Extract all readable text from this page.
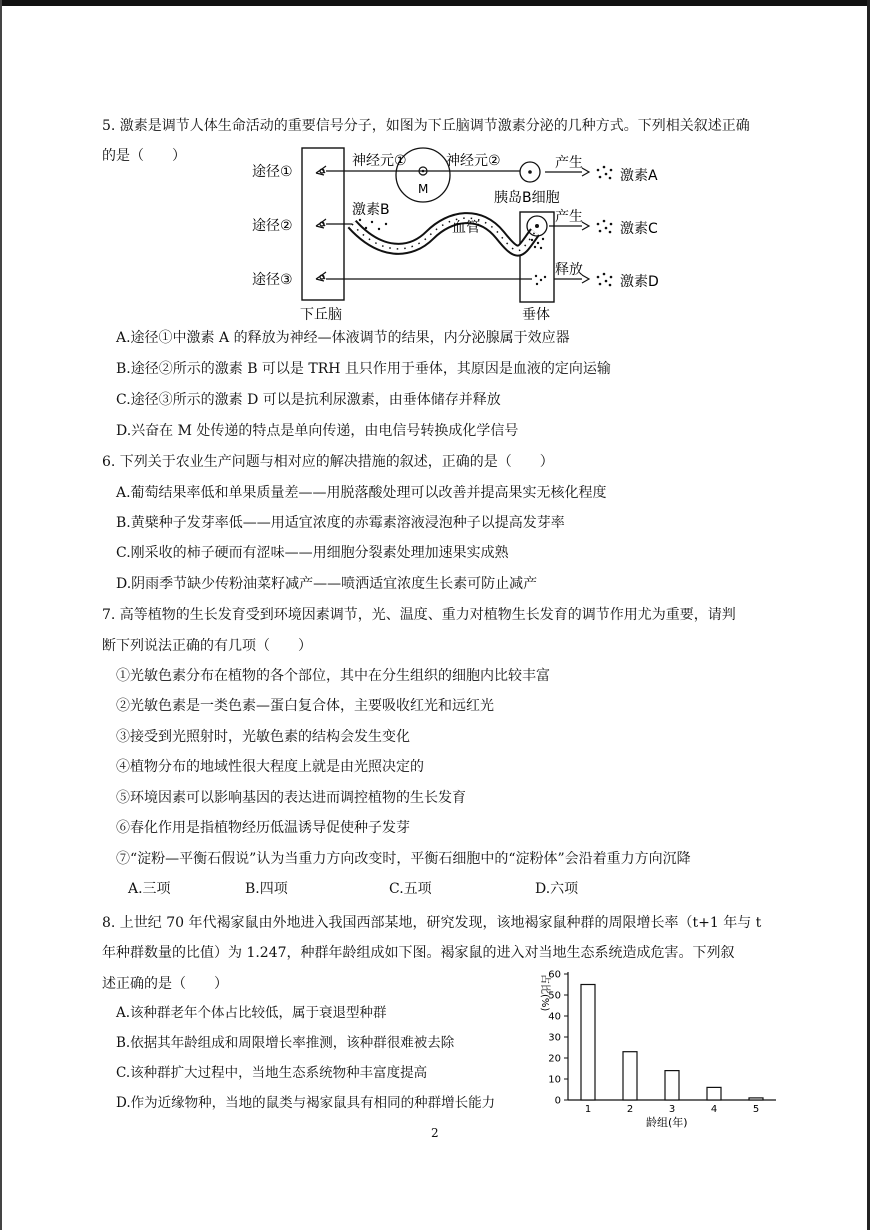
5. 激素是调节人体生命活动的重要信号分子，如图为下丘脑调节激素分泌的几种方式。下列相关叙述正确
的是（　　）
途径①
途径②
途径③
神经元①	神经元②
M
产生
胰岛B细胞
激素A
激素B
血管
产生
激素C
释放
激素D
下丘脑	垂体
A.途径①中激素 A 的释放为神经—体液调节的结果，内分泌腺属于效应器
B.途径②所示的激素 B 可以是 TRH 且只作用于垂体，其原因是血液的定向运输
C.途径③所示的激素 D 可以是抗利尿激素，由垂体储存并释放
D.兴奋在 M 处传递的特点是单向传递，由电信号转换成化学信号
6. 下列关于农业生产问题与相对应的解决措施的叙述，正确的是（　　）
A.葡萄结果率低和单果质量差——用脱落酸处理可以改善并提高果实无核化程度
B.黄檗种子发芽率低——用适宜浓度的赤霉素溶液浸泡种子以提高发芽率
C.刚采收的柿子硬而有涩味——用细胞分裂素处理加速果实成熟
D.阴雨季节缺少传粉油菜籽减产——喷洒适宜浓度生长素可防止减产
7. 高等植物的生长发育受到环境因素调节，光、温度、重力对植物生长发育的调节作用尤为重要，请判
断下列说法正确的有几项（　　）
①光敏色素分布在植物的各个部位，其中在分生组织的细胞内比较丰富
②光敏色素是一类色素—蛋白复合体，主要吸收红光和远红光
③接受到光照射时，光敏色素的结构会发生变化
④植物分布的地域性很大程度上就是由光照决定的
⑤环境因素可以影响基因的表达进而调控植物的生长发育
⑥春化作用是指植物经历低温诱导促使种子发芽
⑦“淀粉—平衡石假说”认为当重力方向改变时，平衡石细胞中的“淀粉体”会沿着重力方向沉降
A.三项	B.四项	C.五项	D.六项
8. 上世纪 70 年代褐家鼠由外地进入我国西部某地，研究发现，该地褐家鼠种群的周限增长率（t+1 年与 t
年种群数量的比值）为 1.247，种群年龄组成如下图。褐家鼠的进入对当地生态系统造成危害。下列叙
述正确的是（　　）
A.该种群老年个体占比较低，属于衰退型种群
B.依据其年龄组成和周限增长率推测，该种群很难被去除
C.该种群扩大过程中，当地生态系统物种丰富度提高
D.作为近缘物种，当地的鼠类与褐家鼠具有相同的种群增长能力
占比(%)
龄组(年)
0
10
20
30
40
50
60
1	2	3	4	5
2
